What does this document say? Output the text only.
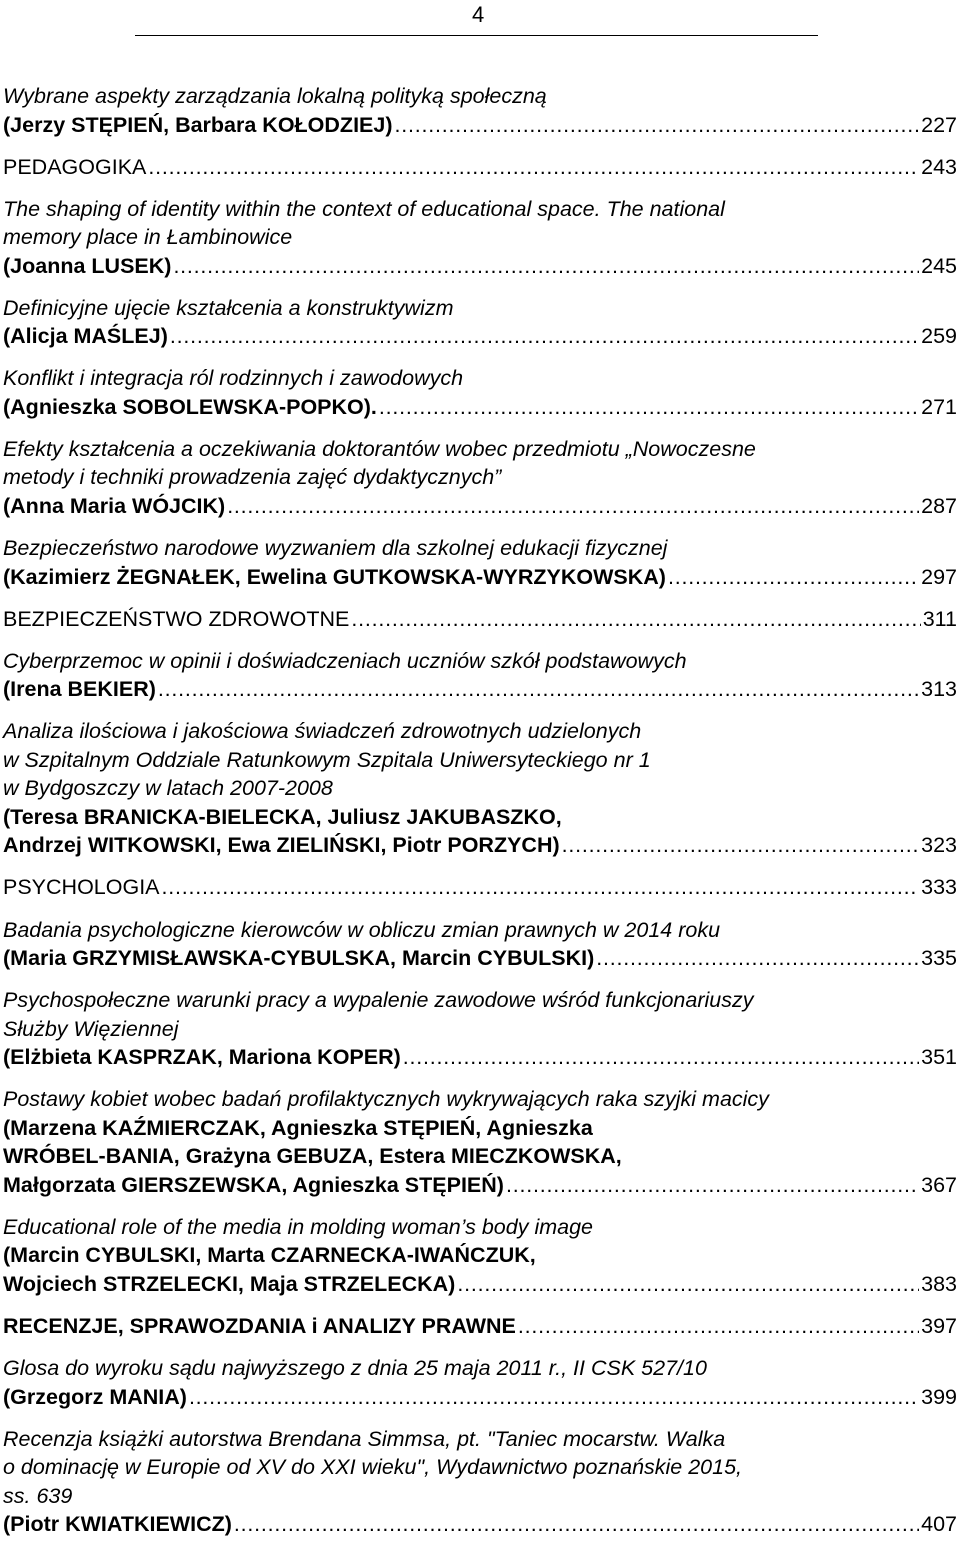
4
Wybrane aspekty zarządzania lokalną polityką społeczną
(Jerzy STĘPIEŃ, Barbara KOŁODZIEJ) . . .	227
PEDAGOGIKA . . .	243
The shaping of identity within the context of educational space. The national
memory place in Łambinowice
(Joanna LUSEK) . . .	245
Definicyjne ujęcie kształcenia a konstruktywizm
(Alicja MAŚLEJ) . . .	259
Konflikt i integracja ról rodzinnych i zawodowych
(Agnieszka SOBOLEWSKA-POPKO). . . .	271
Efekty kształcenia a oczekiwania doktorantów wobec przedmiotu „Nowoczesne
metody i techniki prowadzenia zajęć dydaktycznych”
(Anna Maria WÓJCIK) . . .	287
Bezpieczeństwo narodowe wyzwaniem dla szkolnej edukacji fizycznej
(Kazimierz ŻEGNAŁEK, Ewelina GUTKOWSKA-WYRZYKOWSKA) . . .	297
BEZPIECZEŃSTWO ZDROWOTNE . . .	311
Cyberprzemoc w opinii i doświadczeniach uczniów szkół podstawowych
(Irena BEKIER) . . .	313
Analiza ilościowa i jakościowa świadczeń zdrowotnych udzielonych
w Szpitalnym Oddziale Ratunkowym Szpitala Uniwersyteckiego nr 1
w Bydgoszczy w latach 2007-2008
(Teresa BRANICKA-BIELECKA, Juliusz JAKUBASZKO,
Andrzej WITKOWSKI, Ewa ZIELIŃSKI, Piotr PORZYCH) . . .	323
PSYCHOLOGIA . . .	333
Badania psychologiczne kierowców w obliczu zmian prawnych w 2014 roku
(Maria GRZYMISŁAWSKA-CYBULSKA, Marcin CYBULSKI) . . .	335
Psychospołeczne warunki pracy a wypalenie zawodowe wśród funkcjonariuszy
Służby Więziennej
(Elżbieta KASPRZAK, Mariona KOPER) . . .	351
Postawy kobiet wobec badań profilaktycznych wykrywających raka szyjki macicy
(Marzena KAŹMIERCZAK, Agnieszka STĘPIEŃ, Agnieszka
WRÓBEL-BANIA, Grażyna GEBUZA, Estera MIECZKOWSKA,
Małgorzata GIERSZEWSKA, Agnieszka STĘPIEŃ) . . .	367
Educational role of the media in molding woman’s body image
(Marcin CYBULSKI, Marta CZARNECKA-IWAŃCZUK,
Wojciech STRZELECKI, Maja STRZELECKA) . . .	383
RECENZJE, SPRAWOZDANIA i ANALIZY PRAWNE . . .	397
Glosa do wyroku sądu najwyższego z dnia 25 maja 2011 r., II CSK 527/10
(Grzegorz MANIA) . . .	399
Recenzja książki autorstwa Brendana Simmsa, pt. "Taniec mocarstw. Walka
o dominację w Europie od XV do XXI wieku", Wydawnictwo poznańskie 2015,
ss. 639
(Piotr KWIATKIEWICZ) . . .	407
